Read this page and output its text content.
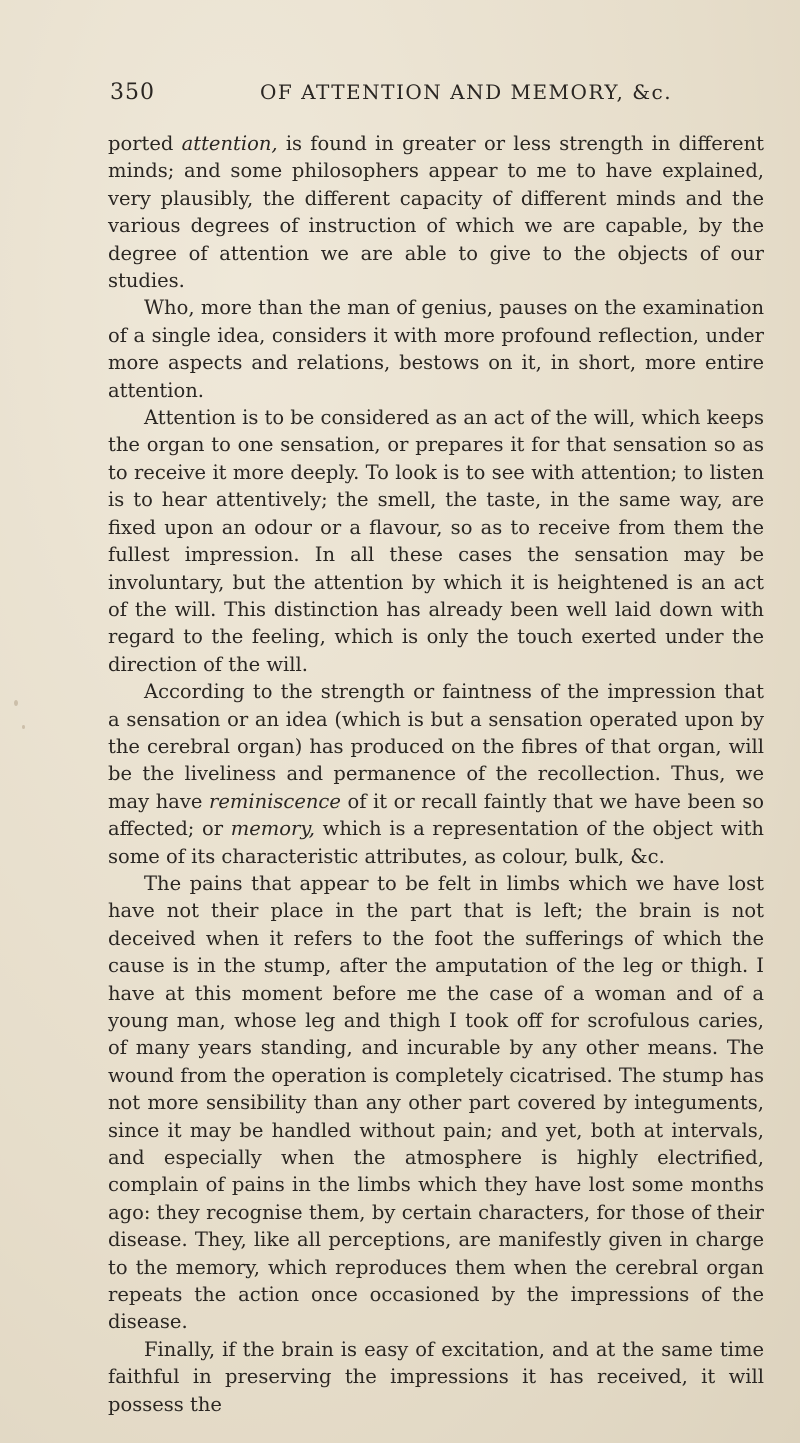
350	OF ATTENTION AND MEMORY, &c.

ported attention, is found in greater or less strength in different minds; and some philosophers appear to me to have explained, very plausibly, the different capacity of different minds and the various degrees of instruction of which we are capable, by the degree of attention we are able to give to the objects of our studies.

Who, more than the man of genius, pauses on the examination of a single idea, considers it with more profound reflection, under more aspects and relations, bestows on it, in short, more entire attention.

Attention is to be considered as an act of the will, which keeps the organ to one sensation, or prepares it for that sensation so as to receive it more deeply. To look is to see with attention; to listen is to hear attentively; the smell, the taste, in the same way, are fixed upon an odour or a flavour, so as to receive from them the fullest impression. In all these cases the sensation may be involuntary, but the attention by which it is heightened is an act of the will. This distinction has already been well laid down with regard to the feeling, which is only the touch exerted under the direction of the will.

According to the strength or faintness of the impression that a sensation or an idea (which is but a sensation operated upon by the cerebral organ) has produced on the fibres of that organ, will be the liveliness and permanence of the recollection. Thus, we may have reminiscence of it or recall faintly that we have been so affected; or memory, which is a representation of the object with some of its characteristic attributes, as colour, bulk, &c.

The pains that appear to be felt in limbs which we have lost have not their place in the part that is left; the brain is not deceived when it refers to the foot the sufferings of which the cause is in the stump, after the amputation of the leg or thigh. I have at this moment before me the case of a woman and of a young man, whose leg and thigh I took off for scrofulous caries, of many years standing, and incurable by any other means. The wound from the operation is completely cicatrised. The stump has not more sensibility than any other part covered by integuments, since it may be handled without pain; and yet, both at intervals, and especially when the atmosphere is highly electrified, complain of pains in the limbs which they have lost some months ago: they recognise them, by certain characters, for those of their disease. They, like all perceptions, are manifestly given in charge to the memory, which reproduces them when the cerebral organ repeats the action once occasioned by the impressions of the disease.

Finally, if the brain is easy of excitation, and at the same time faithful in preserving the impressions it has received, it will possess the
